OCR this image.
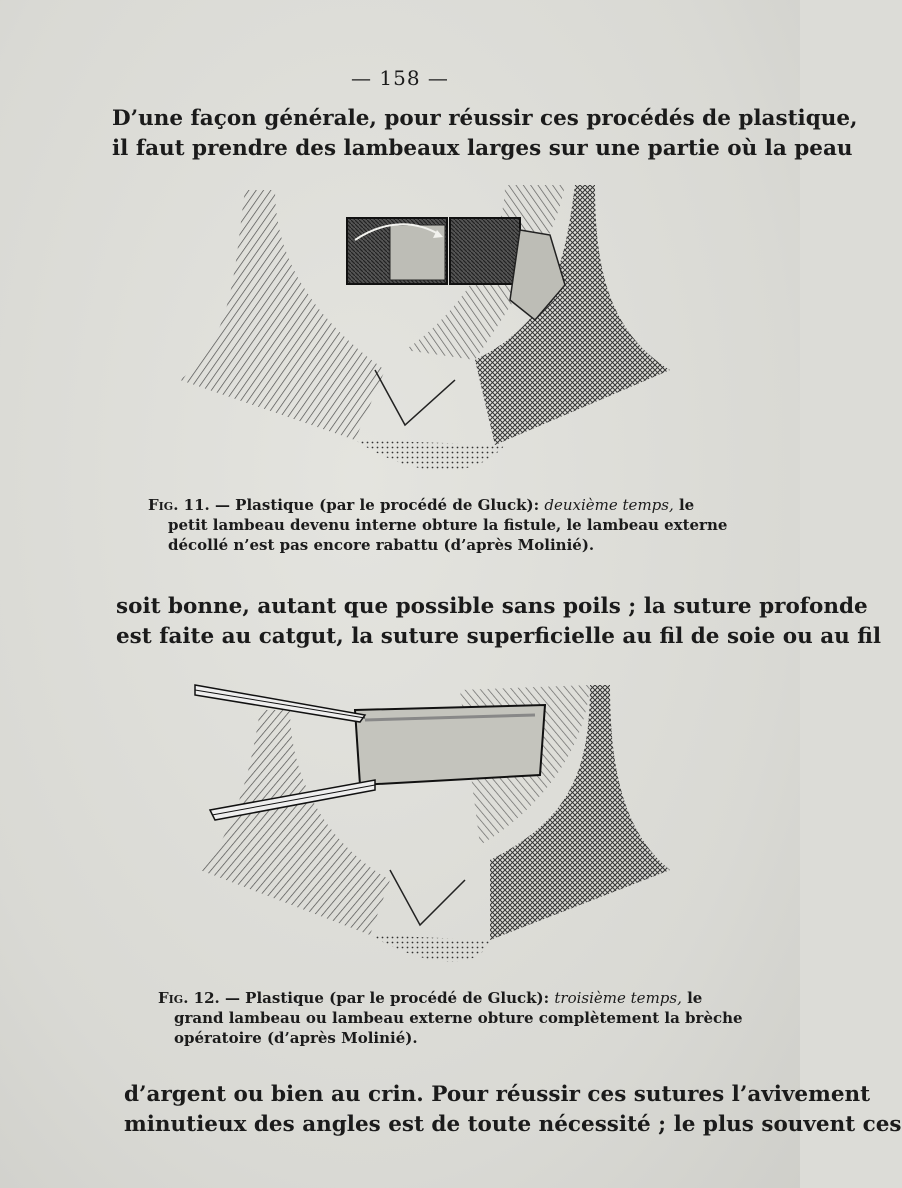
— 158 —

D’une façon générale, pour réussir ces procédés de plastique,
il faut prendre des lambeaux larges sur une partie où la peau

Fig. 11. — Plastique (par le procédé de Gluck): deuxième temps, le
petit lambeau devenu interne obture la fistule, le lambeau externe
décollé n’est pas encore rabattu (d’après Molinié).

soit bonne, autant que possible sans poils ; la suture profonde
est faite au catgut, la suture superficielle au fil de soie ou au fil

Fig. 12. — Plastique (par le procédé de Gluck): troisième temps, le
grand lambeau ou lambeau externe obture complètement la brèche
opératoire (d’après Molinié).

d’argent ou bien au crin. Pour réussir ces sutures l’avivement
minutieux des angles est de toute nécessité ; le plus souvent ces
